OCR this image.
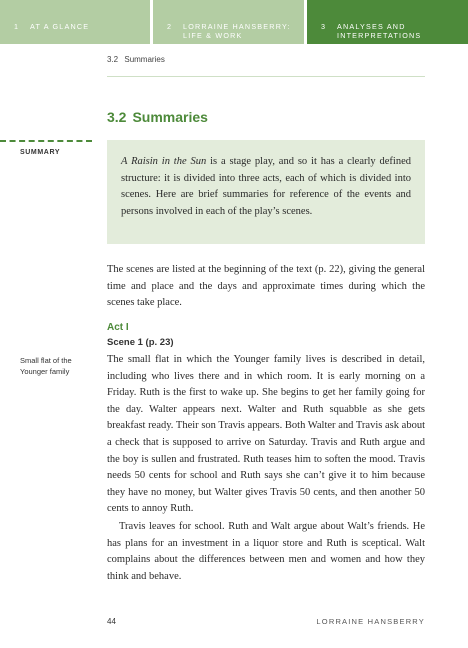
1 AT A GLANCE	2 LORRAINE HANSBERRY:
LIFE & WORK
3 ANALYSES AND
INTERPRETATIONS
3.2 Summaries
3.2 Summaries
SUMMARY
A Raisin in the Sun is a stage play, and so it has a clearly defined structure: it is divided into three acts, each of which is divided into scenes. Here are brief summaries for reference of the events and persons involved in each of the play’s scenes.

The scenes are listed at the beginning of the text (p. 22), giving the general time and place and the days and approximate times during which the scenes take place.

Act I
Scene 1 (p. 23)
Small flat of the Younger family

The small flat in which the Younger family lives is described in detail, including who lives there and in which room. It is early morning on a Friday. Ruth is the first to wake up. She begins to get her family going for the day. Walter appears next. Walter and Ruth squabble as she gets breakfast ready. Their son Travis appears. Both Walter and Travis ask about a check that is supposed to arrive on Saturday. Travis and Ruth argue and the boy is sullen and frustrated. Ruth teases him to soften the mood. Travis needs 50 cents for school and Ruth says she can’t give it to him because they have no money, but Walter gives Travis 50 cents, and then another 50 cents to annoy Ruth.

Travis leaves for school. Ruth and Walt argue about Walt’s friends. He has plans for an investment in a liquor store and Ruth is sceptical. Walt complains about the differences between men and women and how they think and behave.

44	LORRAINE HANSBERRY
